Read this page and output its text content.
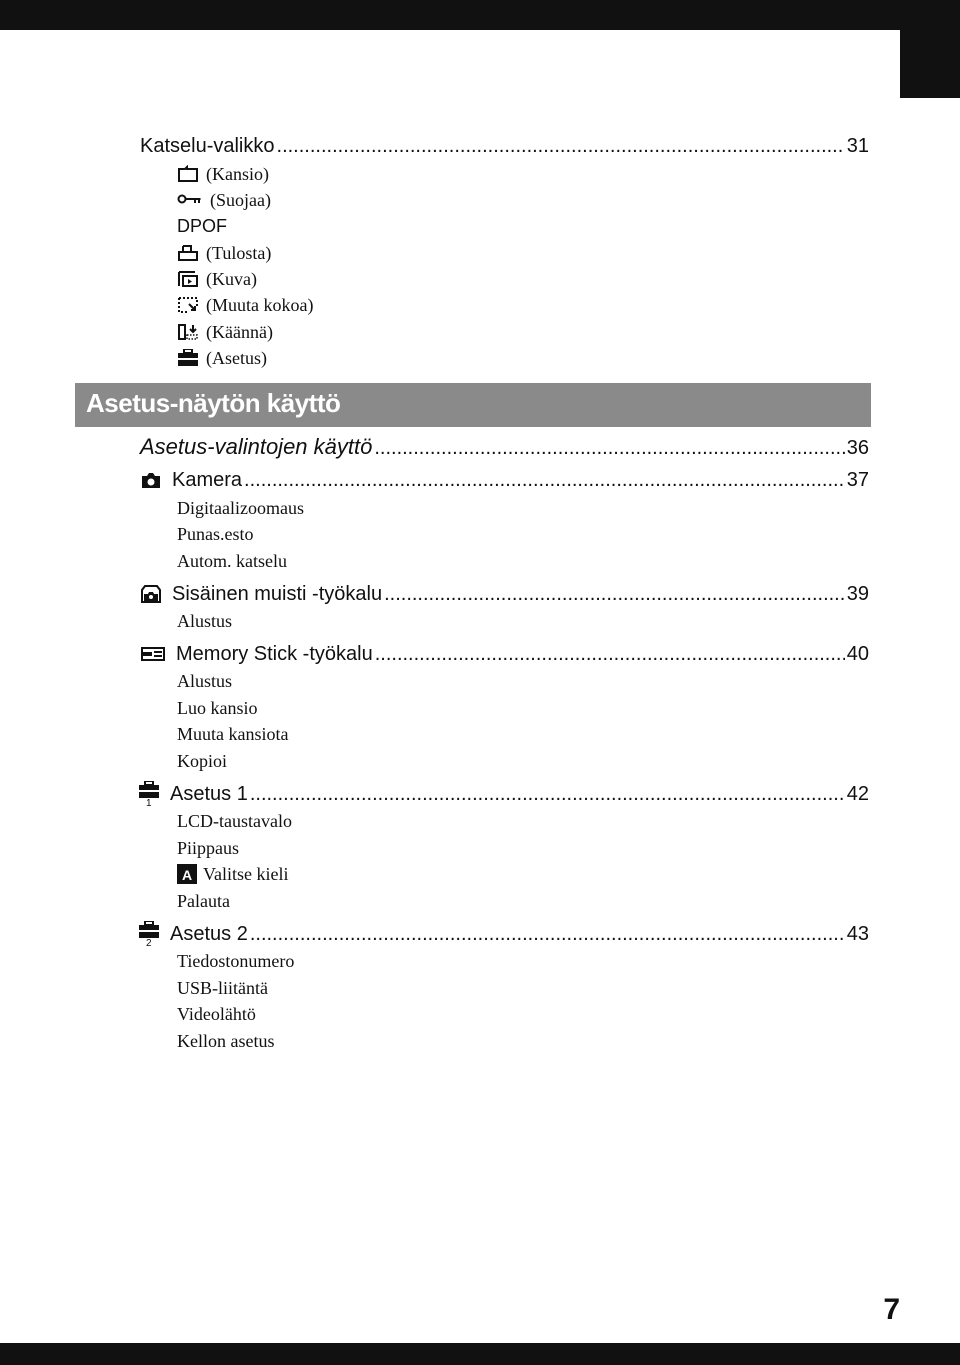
Katselu-valikko .....	31
(Kansio)
(Suojaa)
DPOF
(Tulosta)
(Kuva)
(Muuta kokoa)
(Käännä)
(Asetus)
Asetus-näytön käyttö
Asetus-valintojen käyttö .....	36
Kamera .....	37
Digitaalizoomaus
Punas.esto
Autom. katselu
Sisäinen muisti -työkalu .....	39
Alustus
Memory Stick -työkalu .....	40
Alustus
Luo kansio
Muuta kansiota
Kopioi
1 Asetus 1 .....	42
LCD-taustavalo
Piippaus
A Valitse kieli
Palauta
2 Asetus 2 .....	43
Tiedostonumero
USB-liitäntä
Videolähtö
Kellon asetus
7
